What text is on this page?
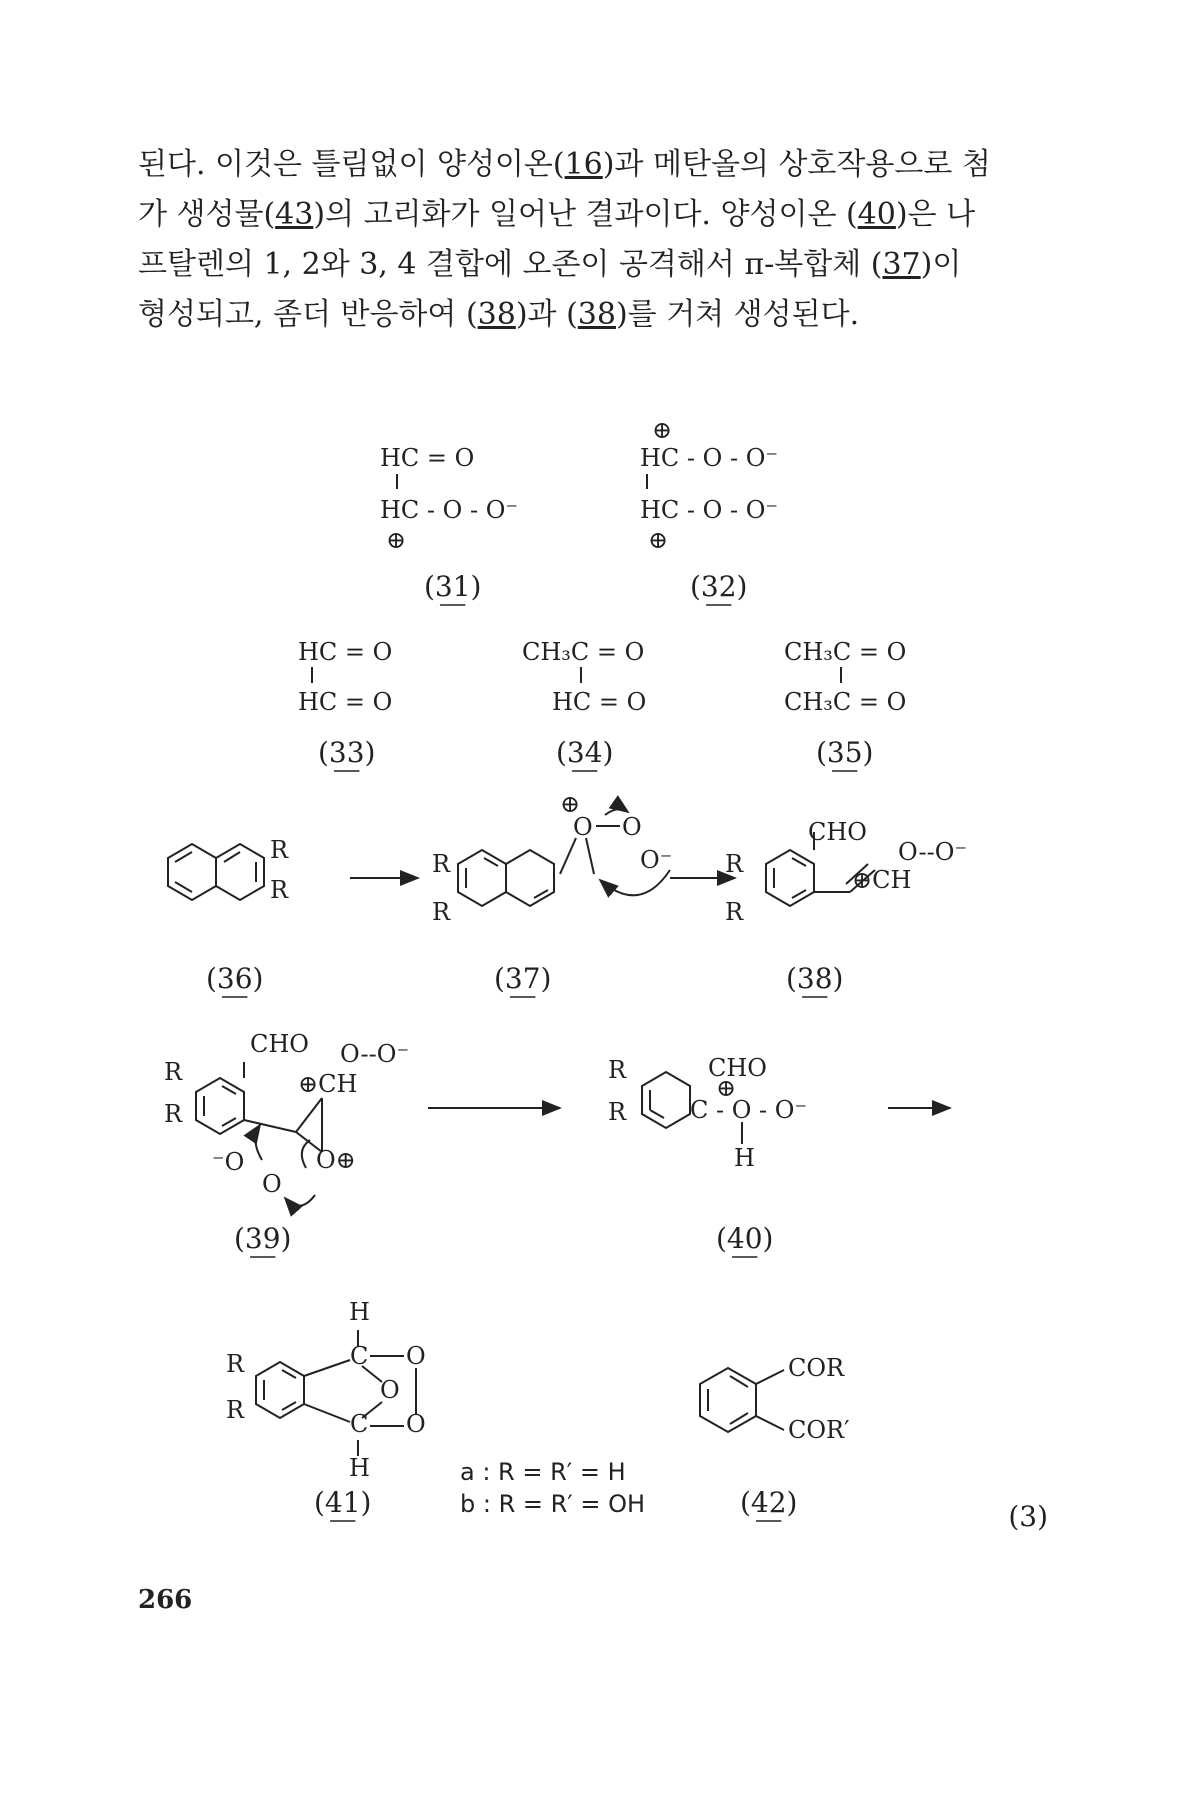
된다. 이것은 틀림없이 양성이온(16)과 메탄올의 상호작용으로 첨
가 생성물(43)의 고리화가 일어난 결과이다. 양성이온 (40)은 나
프탈렌의 1, 2와 3, 4 결합에 오존이 공격해서 π-복합체 (37)이
형성되고, 좀더 반응하여 (38)과 (38)를 거쳐 생성된다.
HC = O
HC - O - O⁻
⊕
(31)
⊕
HC - O - O⁻
HC - O - O⁻
⊕
(32)
HC = O
HC = O
(33)
CH₃C = O
HC = O
(34)
CH₃C = O
CH₃C = O
(35)
R
R
(36)
R
R
⊕
O O
O⁻
(37)
R
R
CHO
⊕CH
O--O⁻
(38)
R
R
CHO
⊕CH
O--O⁻
⁻O
O
O⊕
(39)
R
R
CHO
⊕
C - O - O⁻
H
(40)
R
R
H
H
C
C
O
O
O
(41)
a : R = R′ = H
b : R = R′ = OH
COR
COR′
(42)	(3)
266
